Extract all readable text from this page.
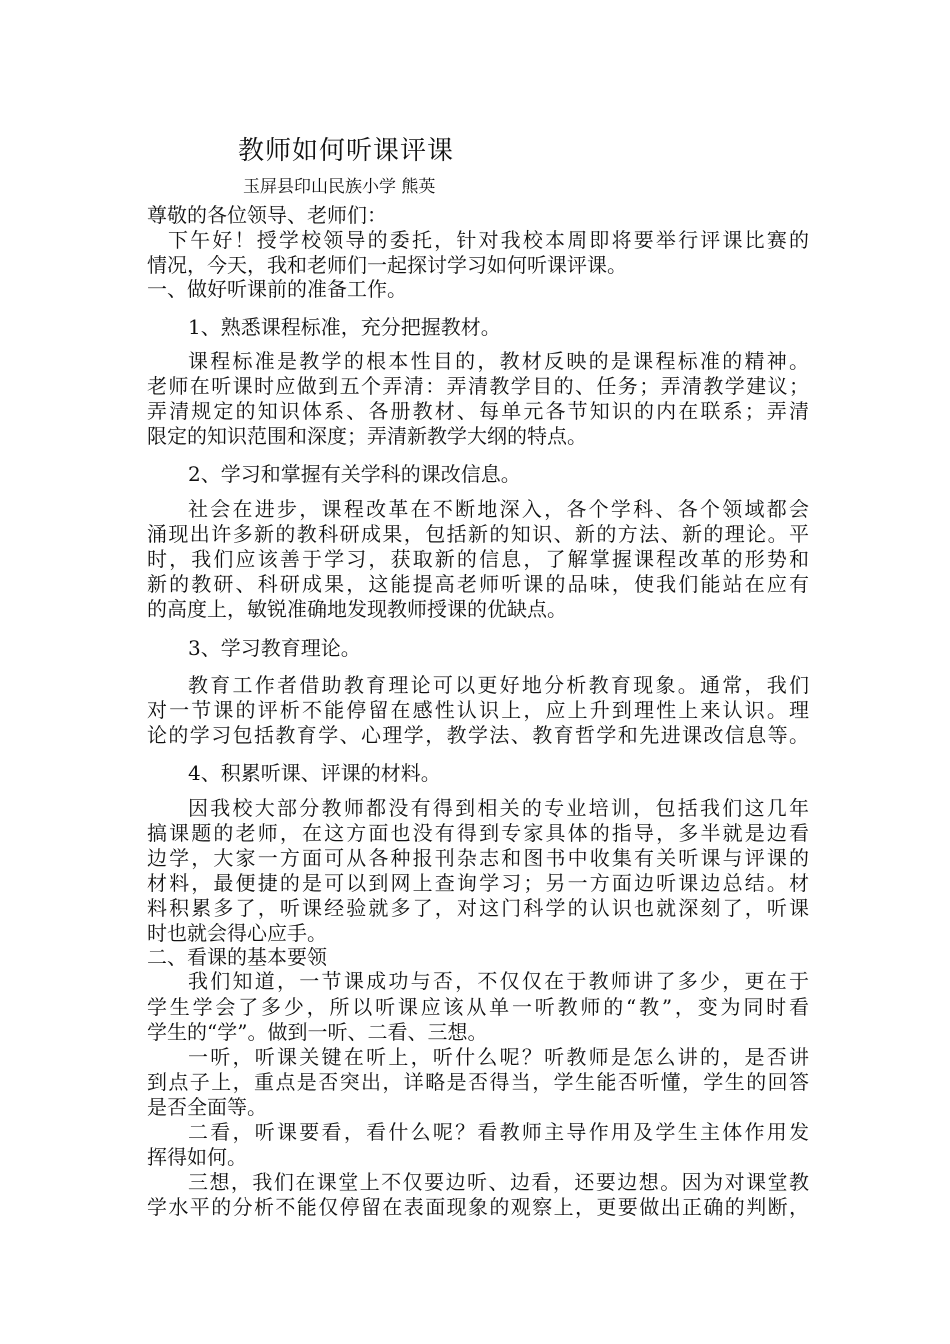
教师如何听课评课
玉屏县印山民族小学 熊英
尊敬的各位领导、老师们：
下午好！授学校领导的委托，针对我校本周即将要举行评课比赛的
情况，今天，我和老师们一起探讨学习如何听课评课。
一、做好听课前的准备工作。
1、熟悉课程标准，充分把握教材。
课程标准是教学的根本性目的，教材反映的是课程标准的精神。
老师在听课时应做到五个弄清：弄清教学目的、任务；弄清教学建议；
弄清规定的知识体系、各册教材、每单元各节知识的内在联系；弄清
限定的知识范围和深度；弄清新教学大纲的特点。
2、学习和掌握有关学科的课改信息。
社会在进步，课程改革在不断地深入，各个学科、各个领域都会
涌现出许多新的教科研成果，包括新的知识、新的方法、新的理论。平
时，我们应该善于学习，获取新的信息，了解掌握课程改革的形势和
新的教研、科研成果，这能提高老师听课的品味，使我们能站在应有
的高度上，敏锐准确地发现教师授课的优缺点。
3、学习教育理论。
教育工作者借助教育理论可以更好地分析教育现象。通常，我们
对一节课的评析不能停留在感性认识上，应上升到理性上来认识。理
论的学习包括教育学、心理学，教学法、教育哲学和先进课改信息等。
4、积累听课、评课的材料。
因我校大部分教师都没有得到相关的专业培训，包括我们这几年
搞课题的老师，在这方面也没有得到专家具体的指导，多半就是边看
边学，大家一方面可从各种报刊杂志和图书中收集有关听课与评课的
材料，最便捷的是可以到网上查询学习；另一方面边听课边总结。材
料积累多了，听课经验就多了，对这门科学的认识也就深刻了，听课
时也就会得心应手。
二、看课的基本要领
我们知道，一节课成功与否，不仅仅在于教师讲了多少，更在于
学生学会了多少，所以听课应该从单一听教师的“教”，变为同时看
学生的“学”。做到一听、二看、三想。
一听，听课关键在听上，听什么呢？听教师是怎么讲的，是否讲
到点子上，重点是否突出，详略是否得当，学生能否听懂，学生的回答
是否全面等。
二看，听课要看，看什么呢？看教师主导作用及学生主体作用发
挥得如何。
三想，我们在课堂上不仅要边听、边看，还要边想。因为对课堂教
学水平的分析不能仅停留在表面现象的观察上，更要做出正确的判断，
